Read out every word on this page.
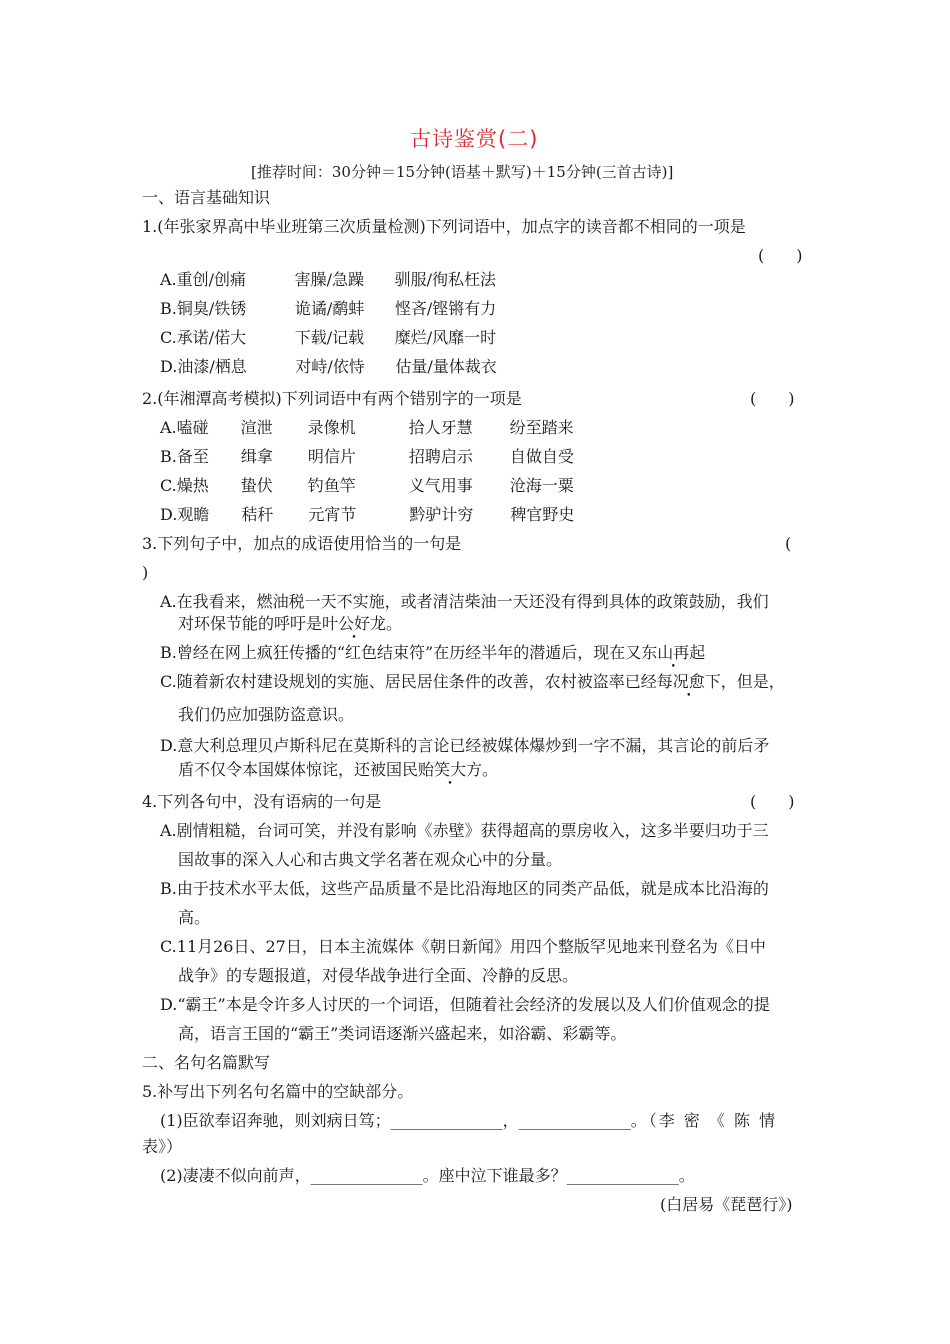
古诗鉴赏(二)
[推荐时间：30分钟＝15分钟(语基＋默写)＋15分钟(三首古诗)]
一、语言基础知识
1.(年张家界高中毕业班第三次质量检测)下列词语中，加点字的读音都不相同的一项是
(　　)
A.重创/创痛	害臊/急躁 驯服/徇私枉法
B.铜臭/铁锈	诡谲/鹬蚌 悭吝/铿锵有力
C.承诺/偌大	下载/记载 糜烂/风靡一时
D.油漆/栖息	对峙/依恃 估量/量体裁衣
2.(年湘潭高考模拟)下列词语中有两个错别字的一项是	(　　)
A.嗑碰 渲泄 录像机	拾人牙慧 纷至踏来
B.备至 缉拿 明信片	招聘启示 自做自受
C.燥热 蛰伏 钓鱼竿	义气用事 沧海一粟
D.观瞻 秸秆 元宵节	黔驴计穷 稗官野史
3.下列句子中，加点的成语使用恰当的一句是	(
)
A.在我看来，燃油税一天不实施，或者清洁柴油一天还没有得到具体的政策鼓励，我们
对环保节能的呼吁是叶公好龙。
B.曾经在网上疯狂传播的“红色结束符”在历经半年的潜遁后，现在又东山再起
C.随着新农村建设规划的实施、居民居住条件的改善，农村被盗率已经每况愈下，但是，
我们仍应加强防盗意识。
D.意大利总理贝卢斯科尼在莫斯科的言论已经被媒体爆炒到一字不漏，其言论的前后矛
盾不仅令本国媒体惊诧，还被国民贻笑大方。
4.下列各句中，没有语病的一句是	(　　)
A.剧情粗糙，台词可笑，并没有影响《赤壁》获得超高的票房收入，这多半要归功于三
国故事的深入人心和古典文学名著在观众心中的分量。
B.由于技术水平太低，这些产品质量不是比沿海地区的同类产品低，就是成本比沿海的
高。
C.11月26日、27日，日本主流媒体《朝日新闻》用四个整版罕见地来刊登名为《日中
战争》的专题报道，对侵华战争进行全面、冷静的反思。
D.“霸王”本是令许多人讨厌的一个词语，但随着社会经济的发展以及人们价值观念的提
高，语言王国的“霸王”类词语逐渐兴盛起来，如浴霸、彩霸等。
二、名句名篇默写
5.补写出下列名句名篇中的空缺部分。
(1)臣欲奉诏奔驰，则刘病日笃；______________，______________。（李 密 《 陈 情
表》）
(2)凄凄不似向前声，______________。座中泣下谁最多？______________。
(白居易《琵琶行》)
